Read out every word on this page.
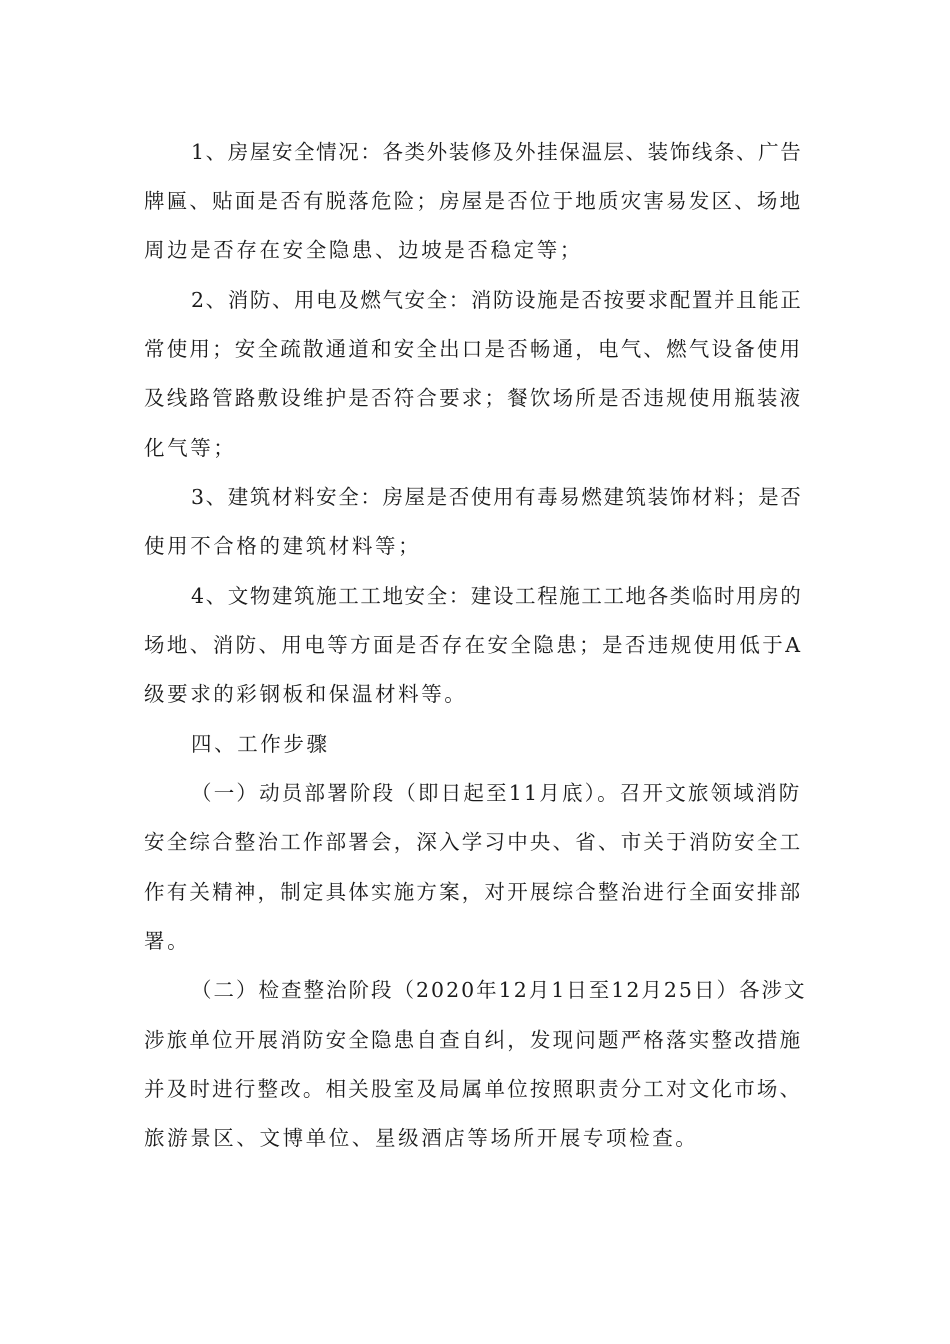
1、房屋安全情况：各类外装修及外挂保温层、装饰线条、广告
牌匾、贴面是否有脱落危险；房屋是否位于地质灾害易发区、场地
周边是否存在安全隐患、边坡是否稳定等；
2、消防、用电及燃气安全：消防设施是否按要求配置并且能正
常使用；安全疏散通道和安全出口是否畅通，电气、燃气设备使用
及线路管路敷设维护是否符合要求；餐饮场所是否违规使用瓶装液
化气等；
3、建筑材料安全：房屋是否使用有毒易燃建筑装饰材料；是否
使用不合格的建筑材料等；
4、文物建筑施工工地安全：建设工程施工工地各类临时用房的
场地、消防、用电等方面是否存在安全隐患；是否违规使用低于A
级要求的彩钢板和保温材料等。
四、工作步骤
（一）动员部署阶段（即日起至11月底）。召开文旅领域消防
安全综合整治工作部署会，深入学习中央、省、市关于消防安全工
作有关精神，制定具体实施方案，对开展综合整治进行全面安排部
署。
（二）检查整治阶段（2020年12月1日至12月25日）各涉文
涉旅单位开展消防安全隐患自查自纠，发现问题严格落实整改措施
并及时进行整改。相关股室及局属单位按照职责分工对文化市场、
旅游景区、文博单位、星级酒店等场所开展专项检查。
